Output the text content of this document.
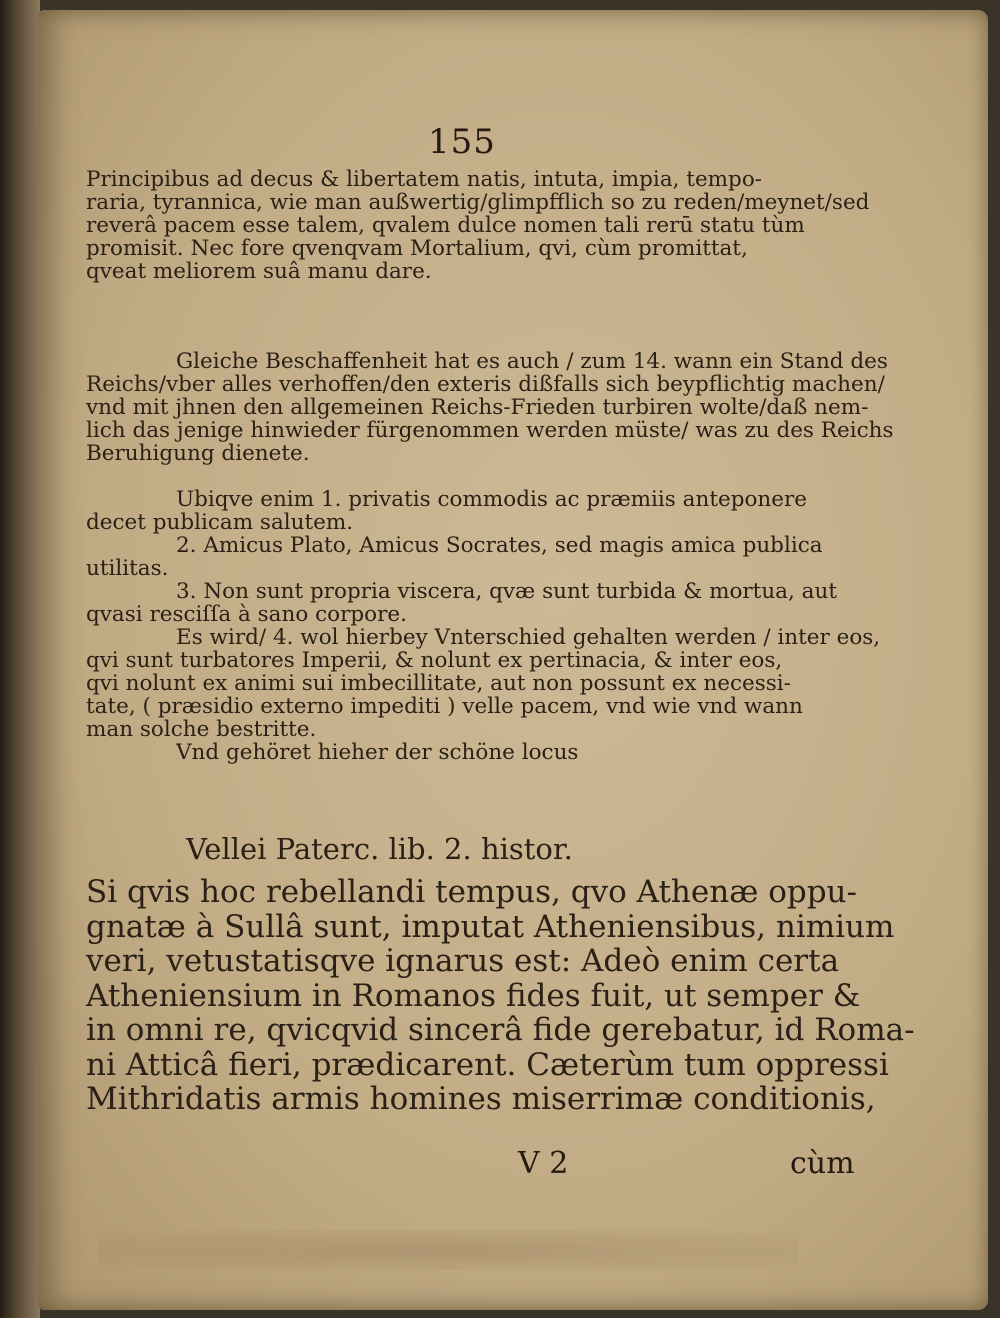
155

Principibus ad decus & libertatem natis, intuta, impia, tempo-

raria, tyrannica, wie man außwertig/glimpfflich so zu reden/meynet/sed

reverâ pacem esse talem, qvalem dulce nomen tali rerū statu tùm

promisit. Nec fore qvenqvam Mortalium, qvi, cùm promittat,

qveat meliorem suâ manu dare.

Gleiche Beschaffenheit hat es auch / zum 14. wann ein Stand des

Reichs/vber alles verhoffen/den exteris dißfalls sich beypflichtig machen/

vnd mit jhnen den allgemeinen Reichs-Frieden turbiren wolte/daß nem-

lich das jenige hinwieder fürgenommen werden müste/ was zu des Reichs

Beruhigung dienete.

Ubiqve enim 1. privatis commodis ac præmiis anteponere

decet publicam salutem.

2. Amicus Plato, Amicus Socrates, sed magis amica publica

utilitas.

3. Non sunt propria viscera, qvæ sunt turbida & mortua, aut

qvasi resciſſa à sano corpore.

Es wird/ 4. wol hierbey Vnterschied gehalten werden / inter eos,

qvi sunt turbatores Imperii, & nolunt ex pertinacia, & inter eos,

qvi nolunt ex animi sui imbecillitate, aut non possunt ex necessi-

tate, ( præsidio externo impediti ) velle pacem, vnd wie vnd wann

man solche bestritte.

Vnd gehöret hieher der schöne locus

Vellei Paterc. lib. 2. histor.

Si qvis hoc rebellandi tempus, qvo Athenæ oppu-

gnatæ à Sullâ sunt, imputat Atheniensibus, nimium

veri, vetustatisqve ignarus est: Adeò enim certa

Atheniensium in Romanos fides fuit, ut semper &

in omni re, qvicqvid sincerâ fide gerebatur, id Roma-

ni Atticâ fieri, prædicarent. Cæterùm tum oppressi

Mithridatis armis homines miserrimæ conditionis,

V 2	cùm
